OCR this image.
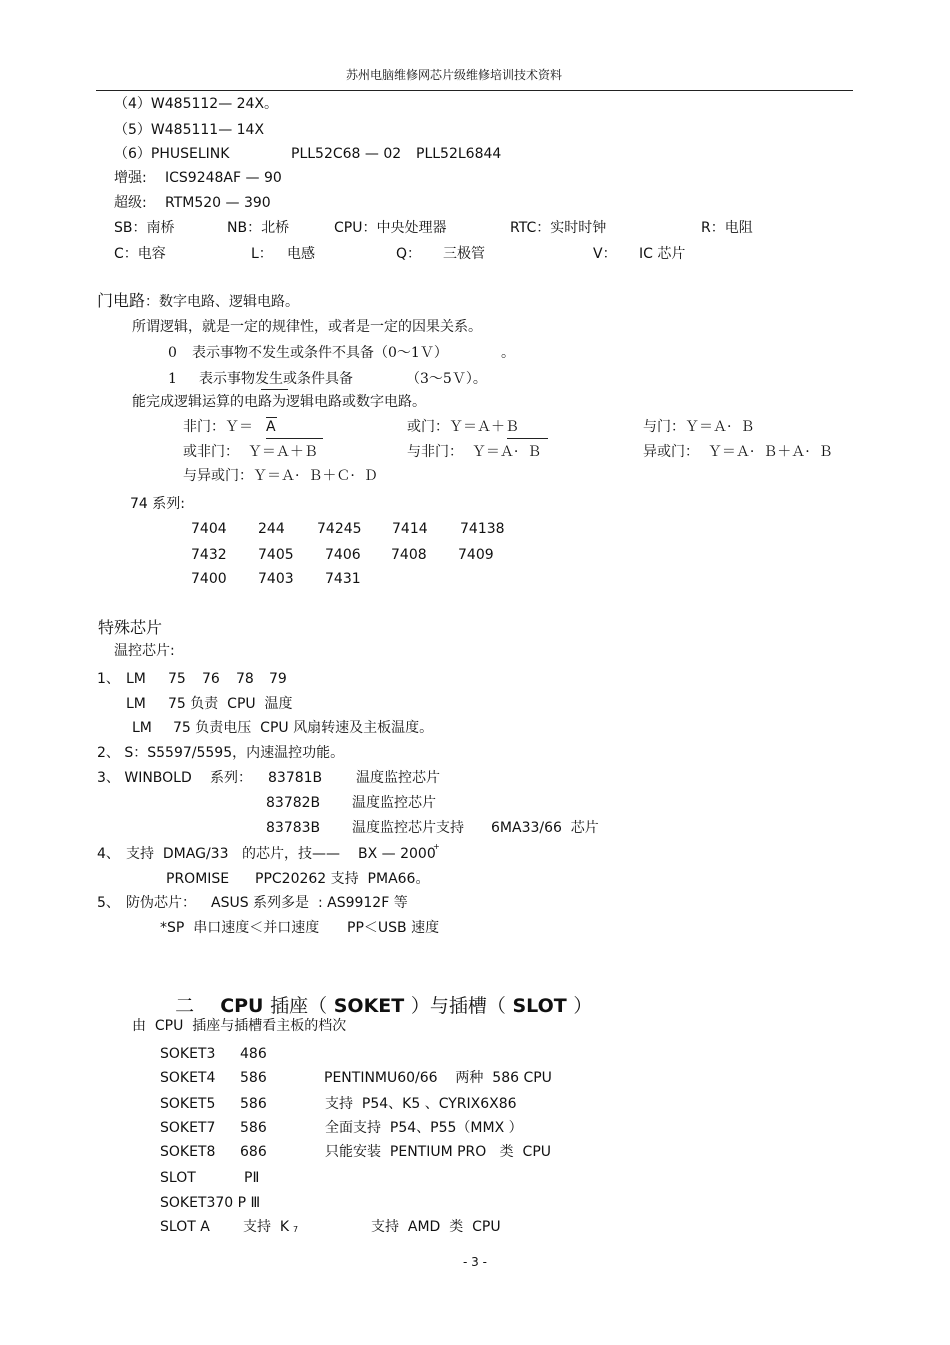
苏州电脑维修网芯片级维修培训技术资料
（4）W485112— 24X。
（5）W485111— 14X
（6）PHUSELINK	PLL52C68 — 02 PLL52L6844
增强: ICS9248AF — 90
超级: RTM520 — 390
SB：南桥	NB：北桥	CPU：中央处理器	RTC：实时时钟	R：电阻
C：电容	L： 电感	Q： 三极管	V： IC 芯片
门电路：数字电路、逻辑电路。
所谓逻辑，就是一定的规律性，或者是一定的因果关系。
0 表示事物不发生或条件不具备（0～1Ｖ）	。
1 表示事物发生或条件具备	（3～5Ｖ）。
能完成逻辑运算的电路为逻辑电路或数字电路。
非门：Ｙ＝ A	或门：Ｙ＝Ａ＋Ｂ	与门：Ｙ＝Ａ·  Ｂ
或非门：  Ｙ＝Ａ＋Ｂ	与非门：  Ｙ＝Ａ·  Ｂ	异或门：  Ｙ＝Ａ·  Ｂ＋Ａ·  Ｂ
与异或门：Ｙ＝Ａ·  Ｂ＋Ｃ·  Ｄ
74 系列:
7404 244 74245 7414 74138
7432 7405 7406 7408 7409
7400 7403 7431
特殊芯片
温控芯片:
1、 LM 75 76 78 79
LM 75 负责  CPU  温度
LM 75 负责电压  CPU 风扇转速及主板温度。
2、 S：S5597/5595，内速温控功能。
3、 WINBOLD 系列： 83781B 温度监控芯片
83782B 温度监控芯片
83783B 温度监控芯片支持 6MA33/66  芯片
4、 支持  DMAG/33 的芯片，技—— BX — 2000
+
PROMISE PPC20262 支持  PMA66。
5、 防伪芯片： ASUS 系列多是  : AS9912F 等
*SP  串口速度＜并口速度 PP＜USB 速度

二 CPU 插座（ SOKET ）与插槽（ SLOT ）

由  CPU  插座与插槽看主板的档次
SOKET3 486
SOKET4 586	PENTINMU60/66    两种  586 CPU
SOKET5 586	支持  P54、K5 、CYRIX6X86
SOKET7 586	全面支持  P54、P55（MMX ）
SOKET8 686	只能安装  PENTIUM PRO   类  CPU
SLOT	PⅡ
SOKET370 P Ⅲ
SLOT A 支持  K 7	支持  AMD  类  CPU
- 3 -
